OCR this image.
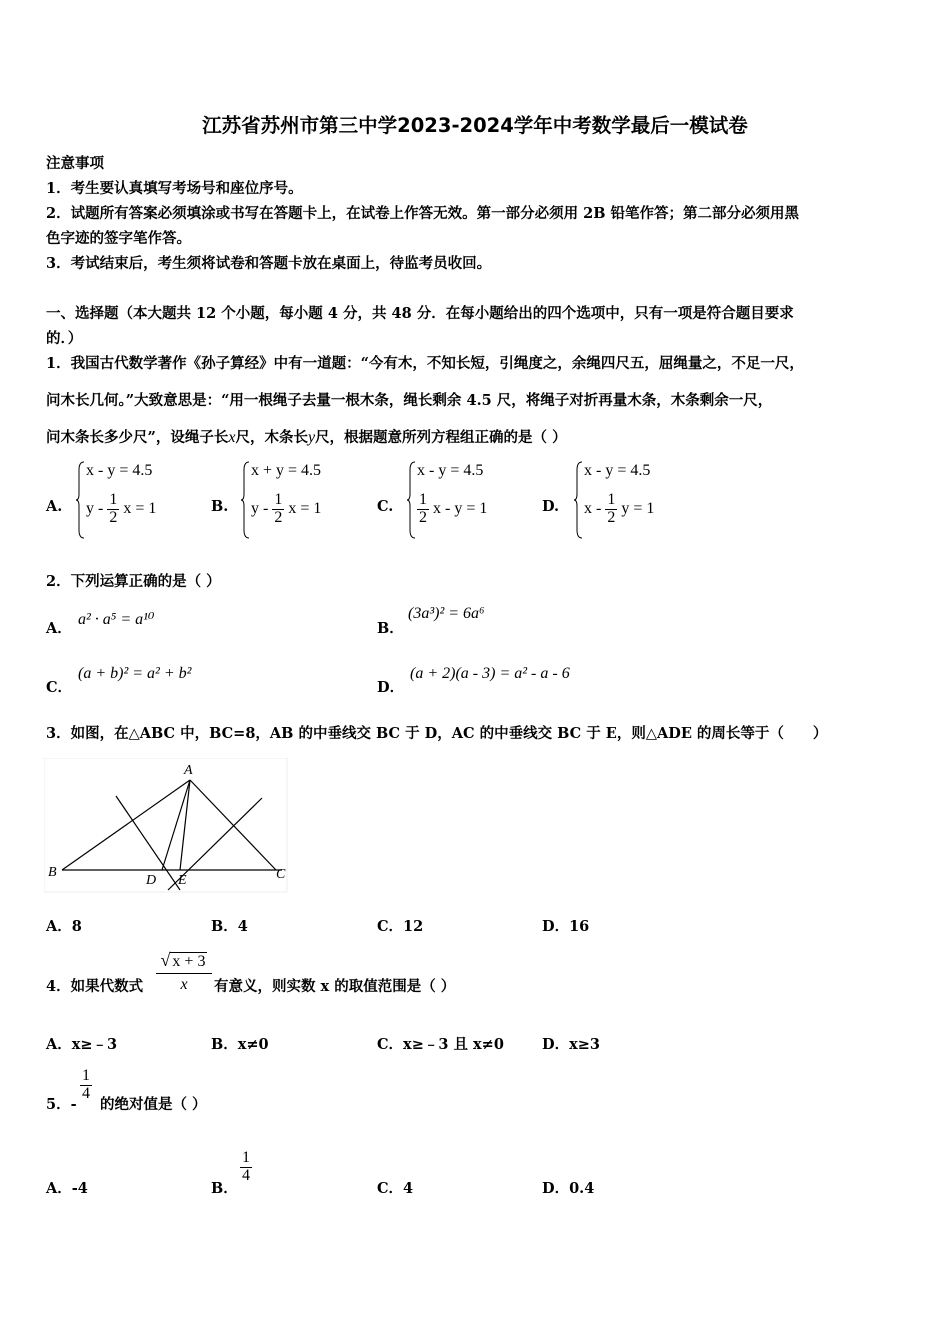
江苏省苏州市第三中学2023-2024学年中考数学最后一模试卷
注意事项
1．考生要认真填写考场号和座位序号。
2．试题所有答案必须填涂或书写在答题卡上，在试卷上作答无效。第一部分必须用 2B 铅笔作答；第二部分必须用黑
色字迹的签字笔作答。
3．考试结束后，考生须将试卷和答题卡放在桌面上，待监考员收回。
一、选择题（本大题共 12 个小题，每小题 4 分，共 48 分．在每小题给出的四个选项中，只有一项是符合题目要求
的．）
1．我国古代数学著作《孙子算经》中有一道题：“今有木，不知长短，引绳度之，余绳四尺五，屈绳量之，不足一尺，
问木长几何。”大致意思是：“用一根绳子去量一根木条，绳长剩余 4.5 尺，将绳子对折再量木条，木条剩余一尺，
问木条长多少尺”，设绳子长x尺，木条长y尺，根据题意所列方程组正确的是（ ）
A.
x - y = 4.5
y - $\frac{1}{2}$ x = 1	B.
x + y = 4.5
y - $\frac{1}{2}$ x = 1	C.
x - y = 4.5
$\frac{1}{2}$ x - y = 1	D.
x - y = 4.5
x - $\frac{1}{2}$ y = 1
2．下列运算正确的是（ ）
A．
a² · a⁵ = a¹⁰
B．
(3a³)² = 6a⁶
C．
(a + b)² = a² + b²
D．
(a + 2)(a - 3) = a² - a - 6
3．如图，在△ABC 中，BC=8，AB 的中垂线交 BC 于 D，AC 的中垂线交 BC 于 E，则△ADE 的周长等于（　　）
A
B	C
D E
A．8	B．4	C．12	D．16
4．如果代数式
√ x + 3
x	有意义，则实数 x 的取值范围是（ ）
A．x≥﹣3	B．x≠0	C．x≥﹣3 且 x≠0	D．x≥3
5．-
$\frac{1}{4}$
的绝对值是（ ）
A．-4	B．
$\frac{1}{4}$
C．4	D．0.4
